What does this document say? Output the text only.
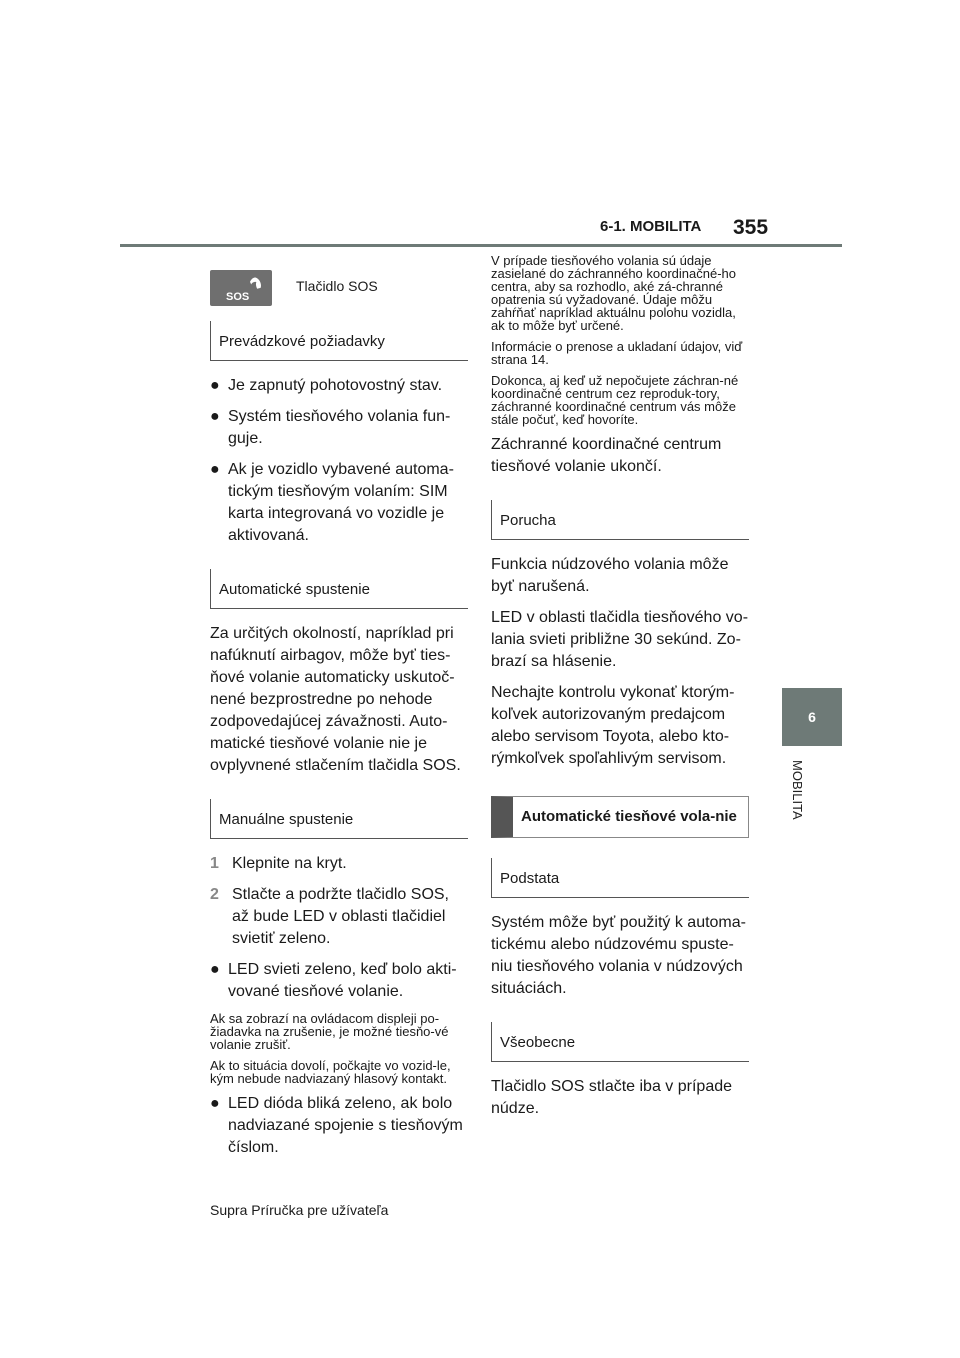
6-1. MOBILITA 355
6
MOBILITA
SOS
Tlačidlo SOS
Prevádzkové požiadavky
● Je zapnutý pohotovostný stav.
● Systém tiesňového volania fun-guje.
● Ak je vozidlo vybavené automa-tickým tiesňovým volaním: SIM karta integrovaná vo vozidle je aktivovaná.
Automatické spustenie

Za určitých okolností, napríklad pri nafúknutí airbagov, môže byť ties-ňové volanie automaticky uskutoč-nené bezprostredne po nehode zodpovedajúcej závažnosti. Auto-matické tiesňové volanie nie je ovplyvnené stlačením tlačidla SOS.

Manuálne spustenie
1 Klepnite na kryt.
2 Stlačte a podržte tlačidlo SOS, až bude LED v oblasti tlačidiel svietiť zeleno.
● LED svieti zeleno, keď bolo akti-vované tiesňové volanie.

Ak sa zobrazí na ovládacom displeji po-žiadavka na zrušenie, je možné tiesňo-vé volanie zrušiť.

Ak to situácia dovolí, počkajte vo vozid-le, kým nebude nadviazaný hlasový kontakt.

● LED dióda bliká zeleno, ak bolo nadviazané spojenie s tiesňovým číslom.

V prípade tiesňového volania sú údaje zasielané do záchranného koordinačné-ho centra, aby sa rozhodlo, aké zá-chranné opatrenia sú vyžadované. Údaje môžu zahŕňať napríklad aktuálnu polohu vozidla, ak to môže byť určené.

Informácie o prenose a ukladaní údajov, viď strana 14.

Dokonca, aj keď už nepočujete záchran-né koordinačné centrum cez reproduk-tory, záchranné koordinačné centrum vás môže stále počuť, keď hovoríte.

Záchranné koordinačné centrum tiesňové volanie ukončí.

Porucha

Funkcia núdzového volania môže byť narušená.

LED v oblasti tlačidla tiesňového vo-lania svieti približne 30 sekúnd. Zo-brazí sa hlásenie.

Nechajte kontrolu vykonať ktorým-koľvek autorizovaným predajcom alebo servisom Toyota, alebo kto-rýmkoľvek spoľahlivým servisom.

Automatické tiesňové vola-nie
Podstata

Systém môže byť použitý k automa-tickému alebo núdzovému spuste-niu tiesňového volania v núdzových situáciách.

Všeobecne

Tlačidlo SOS stlačte iba v prípade núdze.

Supra Príručka pre užívateľa
